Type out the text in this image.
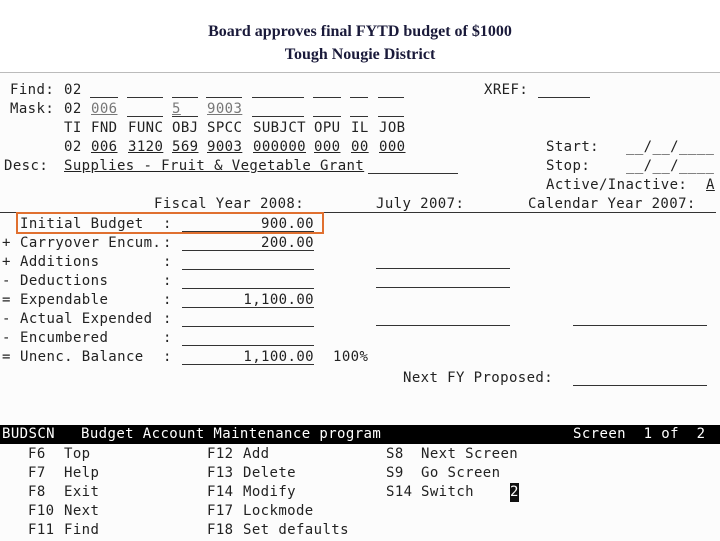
Board approves final FYTD budget of $1000
Tough Nougie District
Find: 02	XREF:
Mask: 02 006	5 9003
TI FND FUNC OBJ SPCC SUBJCT OPU IL JOB
02 006 3120 569 9003 000000 000 00 000	Start: __/__/____
Desc: Supplies - Fruit & Vegetable Grant	Stop:	__/__/____
Active/Inactive: A
Fiscal Year 2008:	July 2007:	Calendar Year 2007:

Initial Budget :	900.00
+ Carryover Encum. :	200.00
+ Additions	:
- Deductions	:
= Expendable	:	1,100.00
- Actual Expended :
- Encumbered	:
= Unenc. Balance :	1,100.00 100%
Next FY Proposed:
BUDSCN Budget Account Maintenance program	Screen  1 of  2
F6 Top
F7 Help
F8 Exit
F10 Next
F11 Find
F12 Add
F13 Delete
F14 Modify
F17 Lockmode
F18 Set defaults
S8 Next Screen
S9 Go Screen
S14 Switch	2
